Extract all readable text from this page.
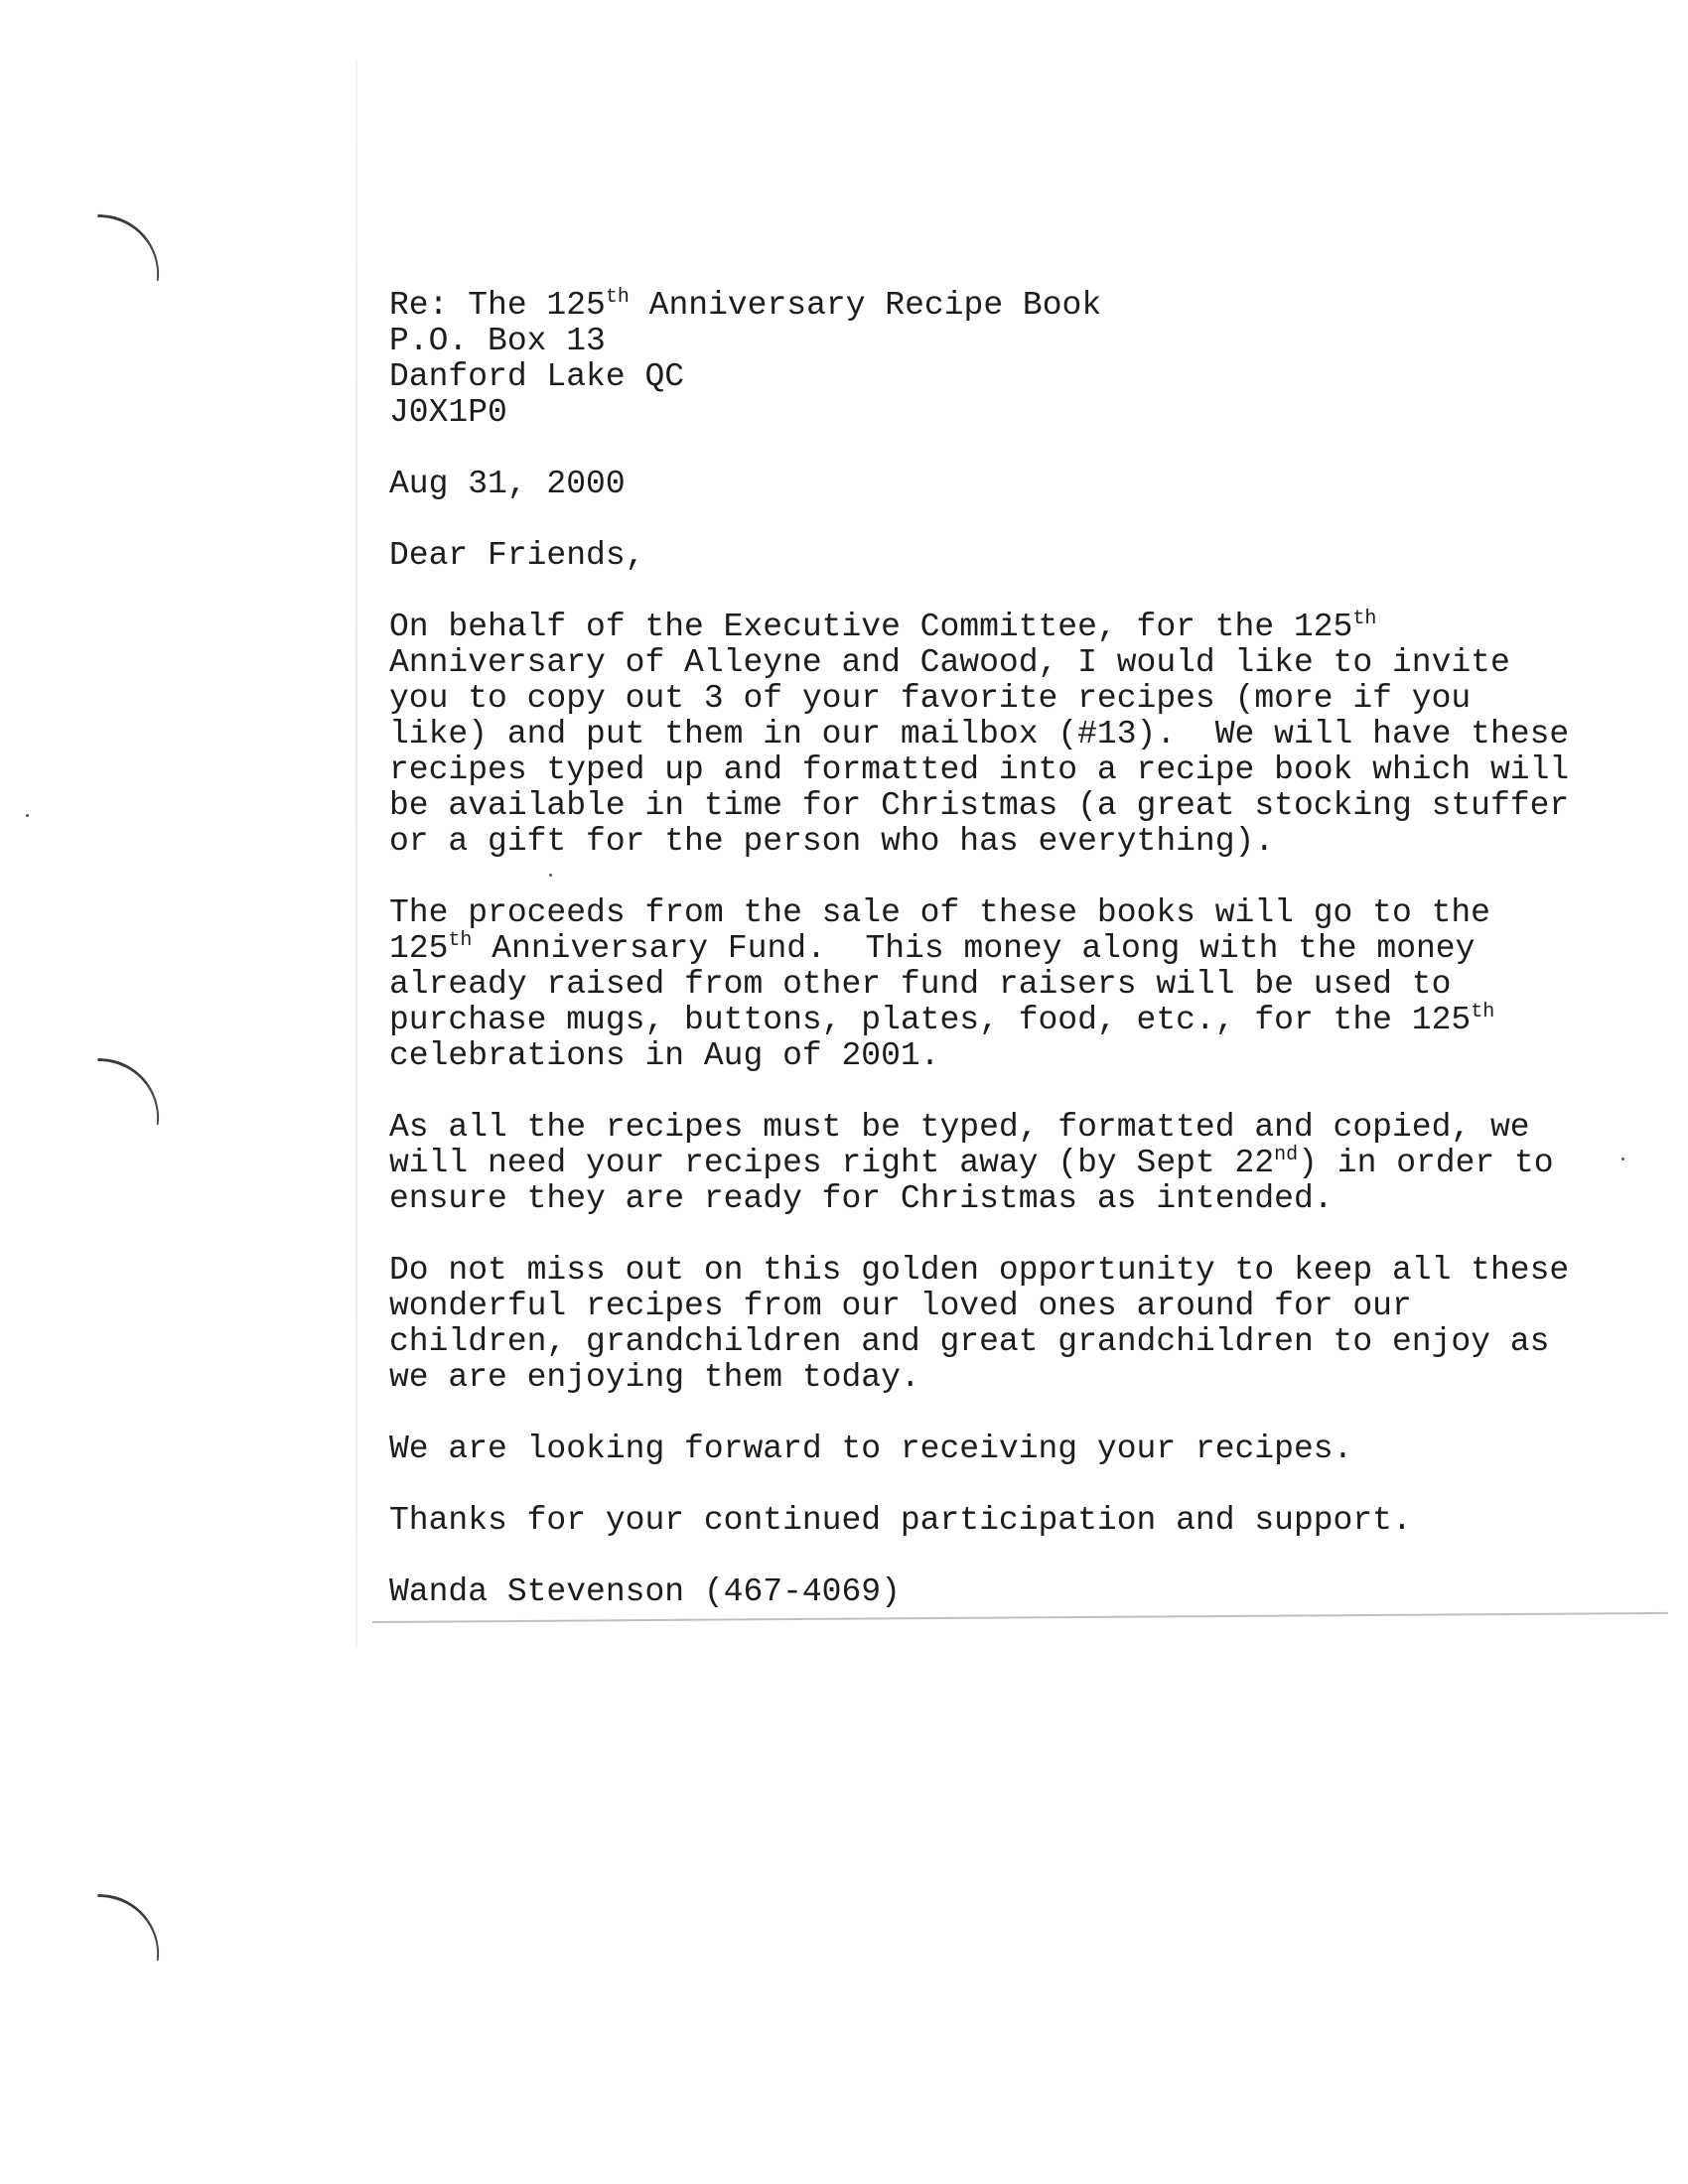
Re: The 125th Anniversary Recipe Book
P.O. Box 13
Danford Lake QC
J0X1P0
Aug 31, 2000
Dear Friends,
On behalf of the Executive Committee, for the 125th
Anniversary of Alleyne and Cawood, I would like to invite
you to copy out 3 of your favorite recipes (more if you
like) and put them in our mailbox (#13).  We will have these
recipes typed up and formatted into a recipe book which will
be available in time for Christmas (a great stocking stuffer
or a gift for the person who has everything).
The proceeds from the sale of these books will go to the
125th Anniversary Fund.  This money along with the money
already raised from other fund raisers will be used to
purchase mugs, buttons, plates, food, etc., for the 125th
celebrations in Aug of 2001.
As all the recipes must be typed, formatted and copied, we
will need your recipes right away (by Sept 22nd) in order to
ensure they are ready for Christmas as intended.
Do not miss out on this golden opportunity to keep all these
wonderful recipes from our loved ones around for our
children, grandchildren and great grandchildren to enjoy as
we are enjoying them today.
We are looking forward to receiving your recipes.
Thanks for your continued participation and support.
Wanda Stevenson (467-4069)
